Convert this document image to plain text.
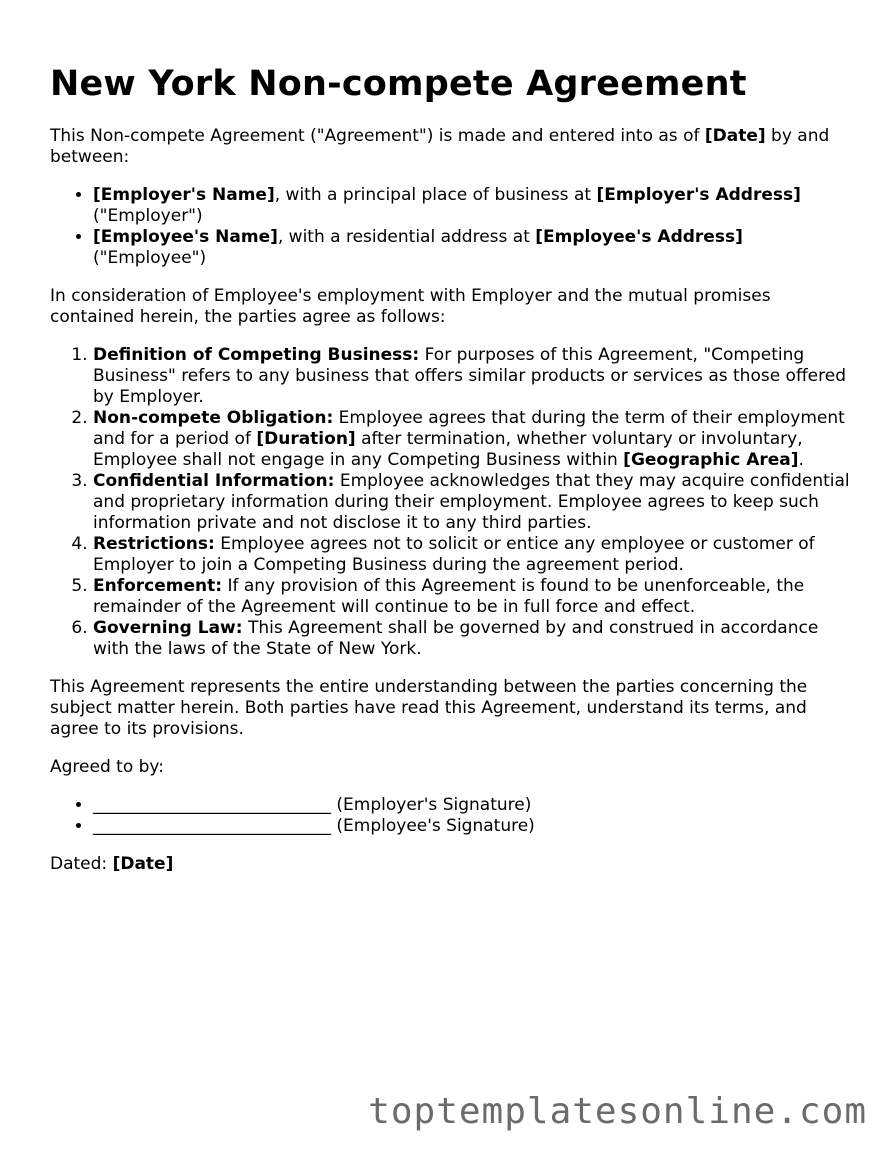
New York Non-compete Agreement

This Non-compete Agreement ("Agreement") is made and entered into as of [Date] by and between:

• [Employer's Name], with a principal place of business at [Employer's Address] ("Employer")
• [Employee's Name], with a residential address at [Employee's Address] ("Employee")

In consideration of Employee's employment with Employer and the mutual promises contained herein, the parties agree as follows:

1. Definition of Competing Business: For purposes of this Agreement, "Competing Business" refers to any business that offers similar products or services as those offered by Employer.
2. Non-compete Obligation: Employee agrees that during the term of their employment and for a period of [Duration] after termination, whether voluntary or involuntary, Employee shall not engage in any Competing Business within [Geographic Area].
3. Confidential Information: Employee acknowledges that they may acquire confidential and proprietary information during their employment. Employee agrees to keep such information private and not disclose it to any third parties.
4. Restrictions: Employee agrees not to solicit or entice any employee or customer of Employer to join a Competing Business during the agreement period.
5. Enforcement: If any provision of this Agreement is found to be unenforceable, the remainder of the Agreement will continue to be in full force and effect.
6. Governing Law: This Agreement shall be governed by and construed in accordance with the laws of the State of New York.

This Agreement represents the entire understanding between the parties concerning the subject matter herein. Both parties have read this Agreement, understand its terms, and agree to its provisions.

Agreed to by:

• ____________________________ (Employer's Signature)
• ____________________________ (Employee's Signature)

Dated: [Date]

toptemplatesonline.com
